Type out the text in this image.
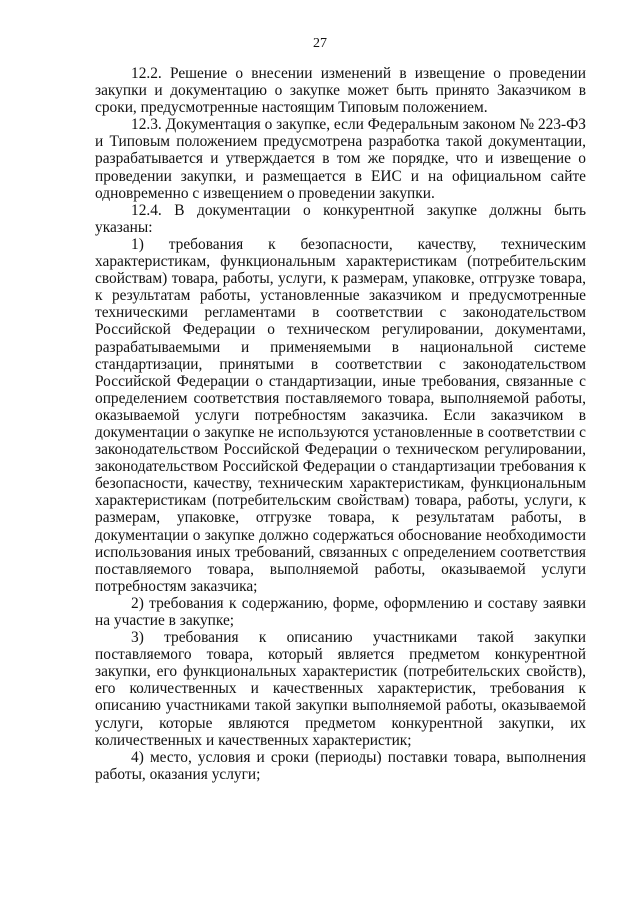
27

12.2. Решение о внесении изменений в извещение о проведении закупки и документацию о закупке может быть принято Заказчиком в сроки, предусмотренные настоящим Типовым положением.

12.3. Документация о закупке, если Федеральным законом № 223-ФЗ и Типовым положением предусмотрена разработка такой документации, разрабатывается и утверждается в том же порядке, что и извещение о проведении закупки, и размещается в ЕИС и на официальном сайте одновременно с извещением о проведении закупки.

12.4. В документации о конкурентной закупке должны быть указаны:

1) требования к безопасности, качеству, техническим характеристикам, функциональным характеристикам (потребительским свойствам) товара, работы, услуги, к размерам, упаковке, отгрузке товара, к результатам работы, установленные заказчиком и предусмотренные техническими регламентами в соответствии с законодательством Российской Федерации о техническом регулировании, документами, разрабатываемыми и применяемыми в национальной системе стандартизации, принятыми в соответствии с законодательством Российской Федерации о стандартизации, иные требования, связанные с определением соответствия поставляемого товара, выполняемой работы, оказываемой услуги потребностям заказчика. Если заказчиком в документации о закупке не используются установленные в соответствии с законодательством Российской Федерации о техническом регулировании, законодательством Российской Федерации о стандартизации требования к безопасности, качеству, техническим характеристикам, функциональным характеристикам (потребительским свойствам) товара, работы, услуги, к размерам, упаковке, отгрузке товара, к результатам работы, в документации о закупке должно содержаться обоснование необходимости использования иных требований, связанных с определением соответствия поставляемого товара, выполняемой работы, оказываемой услуги потребностям заказчика;

2) требования к содержанию, форме, оформлению и составу заявки на участие в закупке;

3) требования к описанию участниками такой закупки поставляемого товара, который является предметом конкурентной закупки, его функциональных характеристик (потребительских свойств), его количественных и качественных характеристик, требования к описанию участниками такой закупки выполняемой работы, оказываемой услуги, которые являются предметом конкурентной закупки, их количественных и качественных характеристик;

4) место, условия и сроки (периоды) поставки товара, выполнения работы, оказания услуги;
